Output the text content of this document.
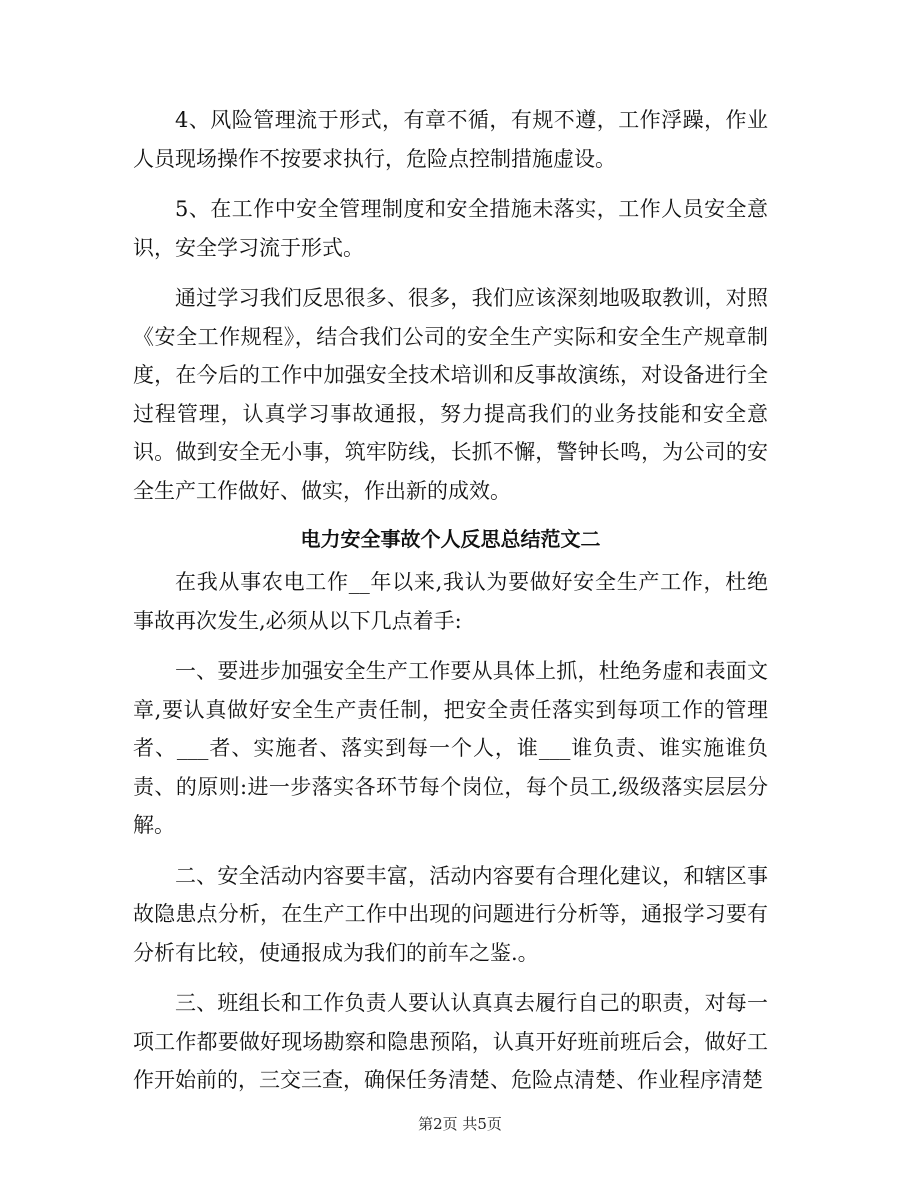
4、风险管理流于形式，有章不循，有规不遵，工作浮躁，作业人员现场操作不按要求执行，危险点控制措施虚设。

5、在工作中安全管理制度和安全措施未落实，工作人员安全意识，安全学习流于形式。

通过学习我们反思很多、很多，我们应该深刻地吸取教训，对照《安全工作规程》，结合我们公司的安全生产实际和安全生产规章制度，在今后的工作中加强安全技术培训和反事故演练，对设备进行全过程管理，认真学习事故通报，努力提高我们的业务技能和安全意识。做到安全无小事，筑牢防线，长抓不懈，警钟长鸣，为公司的安全生产工作做好、做实，作出新的成效。

电力安全事故个人反思总结范文二

在我从事农电工作__年以来,我认为要做好安全生产工作，杜绝事故再次发生,必须从以下几点着手:

一、要进步加强安全生产工作要从具体上抓，杜绝务虚和表面文章,要认真做好安全生产责任制，把安全责任落实到每项工作的管理者、___者、实施者、落实到每一个人，谁___谁负责、谁实施谁负责、的原则:进一步落实各环节每个岗位，每个员工,级级落实层层分解。

二、安全活动内容要丰富，活动内容要有合理化建议，和辖区事故隐患点分析，在生产工作中出现的问题进行分析等，通报学习要有分析有比较，使通报成为我们的前车之鉴.。

三、班组长和工作负责人要认认真真去履行自己的职责，对每一项工作都要做好现场勘察和隐患预陷，认真开好班前班后会，做好工作开始前的，三交三查，确保任务清楚、危险点清楚、作业程序清楚

第2页 共5页
